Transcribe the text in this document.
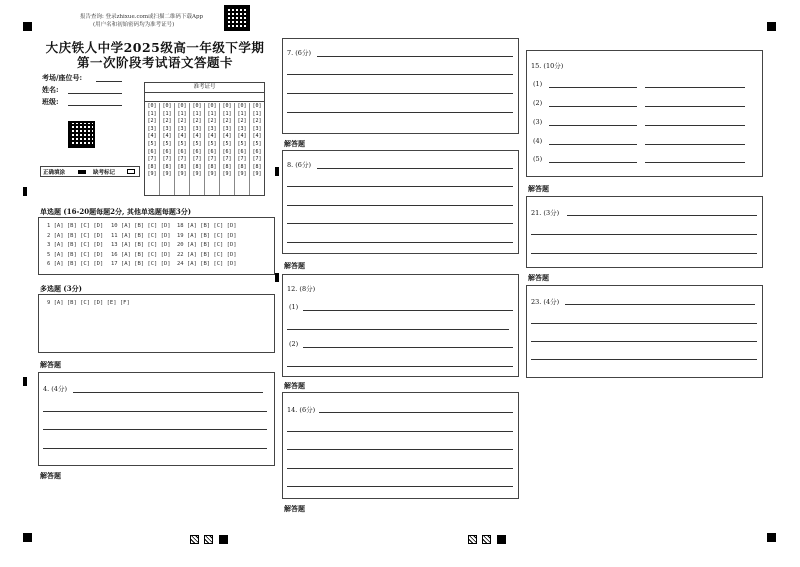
报告查询: 登录zhixue.com或扫描二维码下载App
(用户名和初始密码均为准考证号)
大庆铁人中学2025级高一年级下学期
第一次阶段考试语文答题卡
考场/座位号:
姓名:
班级:
正确填涂	缺考标记
准考证号
[0]
[1]
[2]
[3]
[4]
[5]
[6]
[7]
[8]
[9]
[0]
[1]
[2]
[3]
[4]
[5]
[6]
[7]
[8]
[9]
[0]
[1]
[2]
[3]
[4]
[5]
[6]
[7]
[8]
[9]
[0]
[1]
[2]
[3]
[4]
[5]
[6]
[7]
[8]
[9]
[0]
[1]
[2]
[3]
[4]
[5]
[6]
[7]
[8]
[9]
[0]
[1]
[2]
[3]
[4]
[5]
[6]
[7]
[8]
[9]
[0]
[1]
[2]
[3]
[4]
[5]
[6]
[7]
[8]
[9]
[0]
[1]
[2]
[3]
[4]
[5]
[6]
[7]
[8]
[9]
单选题 (16-20题每题2分, 其他单选题每题3分)
1 [A] [B] [C] [D]
2 [A] [B] [C] [D]
3 [A] [B] [C] [D]
5 [A] [B] [C] [D]
6 [A] [B] [C] [D]
10 [A] [B] [C] [D]
11 [A] [B] [C] [D]
13 [A] [B] [C] [D]
16 [A] [B] [C] [D]
17 [A] [B] [C] [D]
18 [A] [B] [C] [D]
19 [A] [B] [C] [D]
20 [A] [B] [C] [D]
22 [A] [B] [C] [D]
24 [A] [B] [C] [D]
多选题 (3分)
9 [A] [B] [C] [D] [E] [F]
解答题
4. (4分)
解答题
7. (6分)
解答题
8. (6分)
解答题
12. (8分)
(1)
(2)
解答题
14. (6分)
解答题
15. (10分)
(1)
(2)
(3)
(4)
(5)
解答题
21. (3分)
解答题
23. (4分)
